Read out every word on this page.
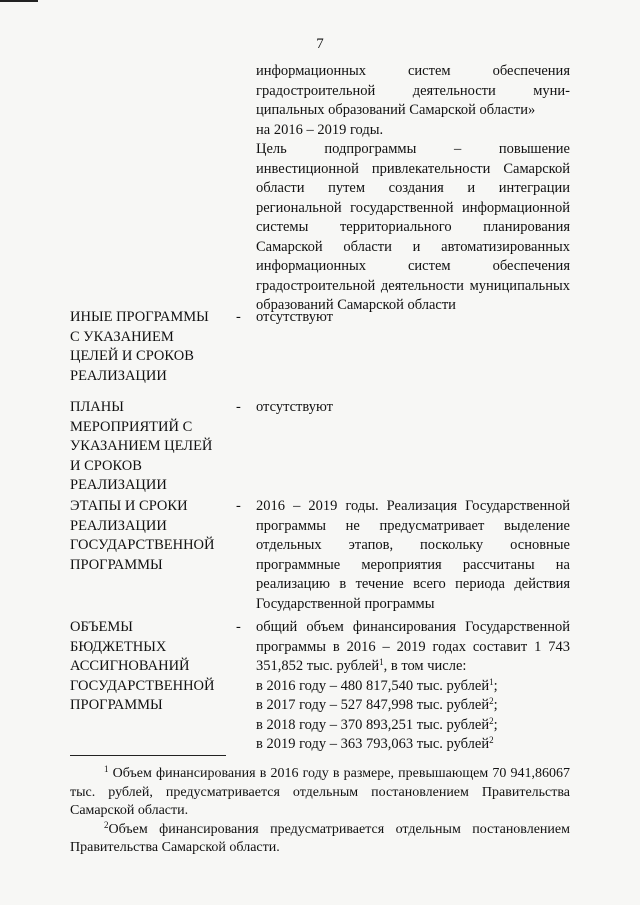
7

информационных систем обеспечения
градостроительной деятельности муни-
ципальных образований Самарской области»
на 2016 – 2019 годы.

Цель подпрограммы – повышение инвестиционной привлекательности Самарской области путем создания и интеграции региональной государственной информационной системы территориального планирования Самарской области и автоматизированных информационных систем обеспечения градостроительной деятельности муниципальных образований Самарской области

ИНЫЕ ПРОГРАММЫ
С УКАЗАНИЕМ
ЦЕЛЕЙ И СРОКОВ
РЕАЛИЗАЦИИ
- отсутствуют
ПЛАНЫ
МЕРОПРИЯТИЙ С
УКАЗАНИЕМ ЦЕЛЕЙ
И СРОКОВ
РЕАЛИЗАЦИИ
- отсутствуют
ЭТАПЫ И СРОКИ
РЕАЛИЗАЦИИ
ГОСУДАРСТВЕННОЙ
ПРОГРАММЫ
- 2016 – 2019 годы. Реализация Государственной программы не предусматривает выделение отдельных этапов, поскольку основные программные мероприятия рассчитаны на реализацию в течение всего периода действия Государственной программы
ОБЪЕМЫ
БЮДЖЕТНЫХ
АССИГНОВАНИЙ
ГОСУДАРСТВЕННОЙ
ПРОГРАММЫ
- общий объем финансирования Государственной программы в 2016 – 2019 годах составит 1 743 351,852 тыс. рублей$^1$, в том числе:

в 2016 году – 480 817,540 тыс. рублей$^1$;
в 2017 году – 527 847,998 тыс. рублей$^2$;
в 2018 году – 370 893,251 тыс. рублей$^2$;
в 2019 году – 363 793,063 тыс. рублей$^2$

$^1$ Объем финансирования в 2016 году в размере, превышающем 70 941,86067 тыс. рублей, предусматривается отдельным постановлением Правительства Самарской области.

$^2$Объем финансирования предусматривается отдельным постановлением Правительства Самарской области.
